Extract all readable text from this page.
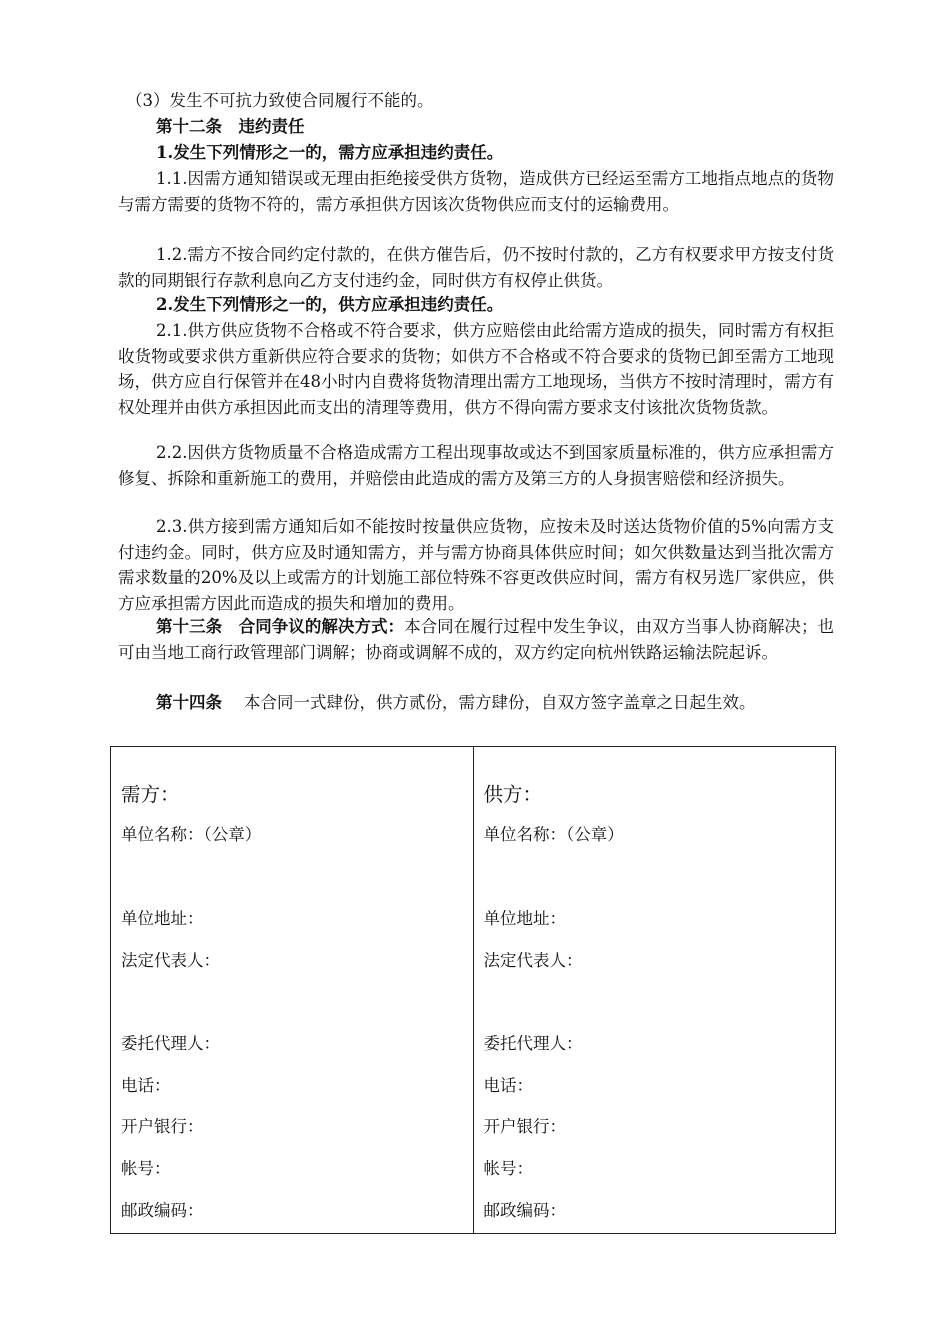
（3）发生不可抗力致使合同履行不能的。

第十二条　违约责任

1.发生下列情形之一的，需方应承担违约责任。

1.1.因需方通知错误或无理由拒绝接受供方货物，造成供方已经运至需方工地指点地点的货物与需方需要的货物不符的，需方承担供方因该次货物供应而支付的运输费用。

1.2.需方不按合同约定付款的，在供方催告后，仍不按时付款的，乙方有权要求甲方按支付货款的同期银行存款利息向乙方支付违约金，同时供方有权停止供货。

2.发生下列情形之一的，供方应承担违约责任。

2.1.供方供应货物不合格或不符合要求，供方应赔偿由此给需方造成的损失，同时需方有权拒收货物或要求供方重新供应符合要求的货物；如供方不合格或不符合要求的货物已卸至需方工地现场，供方应自行保管并在48小时内自费将货物清理出需方工地现场，当供方不按时清理时，需方有权处理并由供方承担因此而支出的清理等费用，供方不得向需方要求支付该批次货物货款。

2.2.因供方货物质量不合格造成需方工程出现事故或达不到国家质量标准的，供方应承担需方修复、拆除和重新施工的费用，并赔偿由此造成的需方及第三方的人身损害赔偿和经济损失。

2.3.供方接到需方通知后如不能按时按量供应货物，应按未及时送达货物价值的5%向需方支付违约金。同时，供方应及时通知需方，并与需方协商具体供应时间；如欠供数量达到当批次需方需求数量的20%及以上或需方的计划施工部位特殊不容更改供应时间，需方有权另选厂家供应，供方应承担需方因此而造成的损失和增加的费用。

第十三条　合同争议的解决方式：本合同在履行过程中发生争议，由双方当事人协商解决；也可由当地工商行政管理部门调解；协商或调解不成的，双方约定向杭州铁路运输法院起诉。

第十四条 本合同一式肆份，供方贰份，需方肆份，自双方签字盖章之日起生效。

需方：
单位名称：（公章）
单位地址：
法定代表人：
委托代理人：
电话：
开户银行：
帐号：
邮政编码：

供方：
单位名称：（公章）
单位地址：
法定代表人：
委托代理人：
电话：
开户银行：
帐号：
邮政编码：
